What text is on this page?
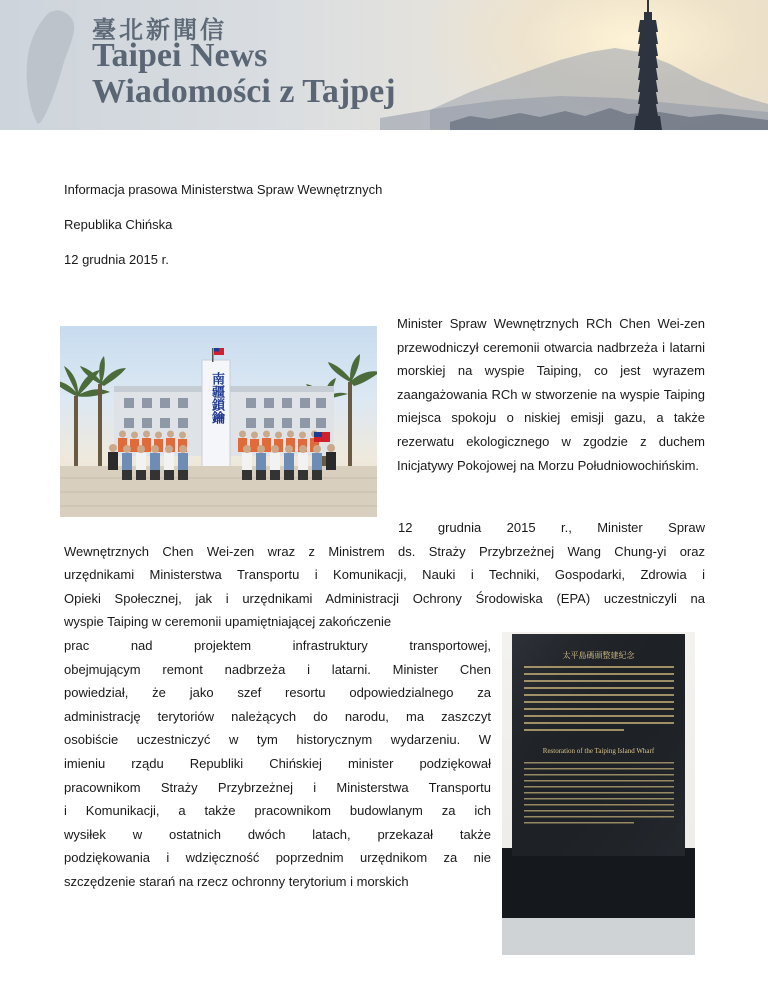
臺北新聞信
Taipei News
Wiadomości z Tajpej
Informacja prasowa Ministerstwa Spraw Wewnętrznych
Republika Chińska
12 grudnia 2015 r.
南疆鎖鑰

Minister Spraw Wewnętrznych RCh Chen Wei-zen przewodniczył ceremonii otwarcia nadbrzeża i latarni morskiej na wyspie Taiping, co jest wyrazem zaangażowania RCh w stworzenie na wyspie Taiping miejsca spokoju o niskiej emisji gazu, a także rezerwatu ekologicznego w zgodzie z duchem Inicjatywy Pokojowej na Morzu Południowochińskim.

太平島碼頭整建紀念
Restoration of the Taiping Island Wharf
12 grudnia 2015 r., Minister Spraw
Wewnętrznych Chen Wei-zen wraz z Ministrem ds. Straży Przybrzeżnej Wang Chung-yi oraz
urzędnikami Ministerstwa Transportu i Komunikacji, Nauki i Techniki, Gospodarki, Zdrowia i
Opieki Społecznej, jak i urzędnikami Administracji Ochrony Środowiska (EPA) uczestniczyli na
wyspie Taiping w ceremonii upamiętniającej zakończenie
prac nad projektem infrastruktury transportowej,
obejmującym remont nadbrzeża i latarni. Minister Chen
powiedział, że jako szef resortu odpowiedzialnego za
administrację terytoriów należących do narodu, ma zaszczyt
osobiście uczestniczyć w tym historycznym wydarzeniu. W
imieniu rządu Republiki Chińskiej minister podziękował
pracownikom Straży Przybrzeżnej i Ministerstwa Transportu
i Komunikacji, a także pracownikom budowlanym za ich
wysiłek w ostatnich dwóch latach, przekazał także
podziękowania i wdzięczność poprzednim urzędnikom za nie
szczędzenie starań na rzecz ochronny terytorium i morskich
